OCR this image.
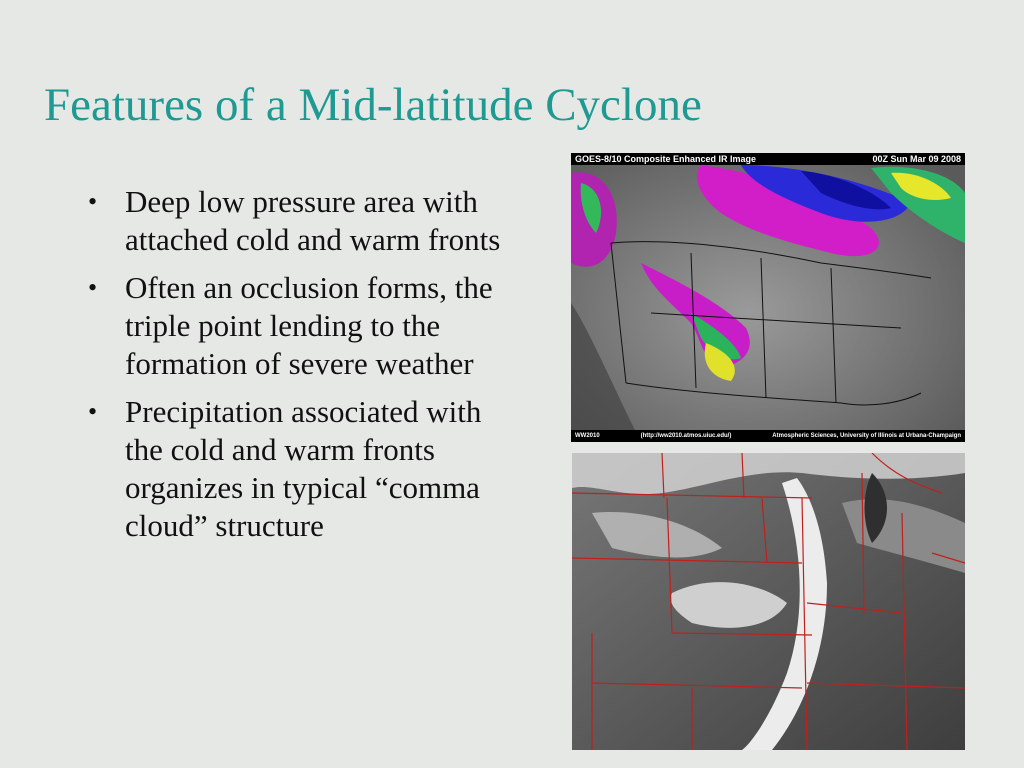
Features of a Mid-latitude Cyclone
• Deep low pressure area with attached cold and warm fronts
• Often an occlusion forms, the triple point lending to the formation of severe weather
• Precipitation associated with the cold and warm fronts organizes in typical “comma cloud” structure
GOES-8/10 Composite Enhanced IR Image	00Z Sun Mar 09 2008
WW2010	(http://ww2010.atmos.uiuc.edu/)	Atmospheric Sciences, University of Illinois at Urbana-Champaign
